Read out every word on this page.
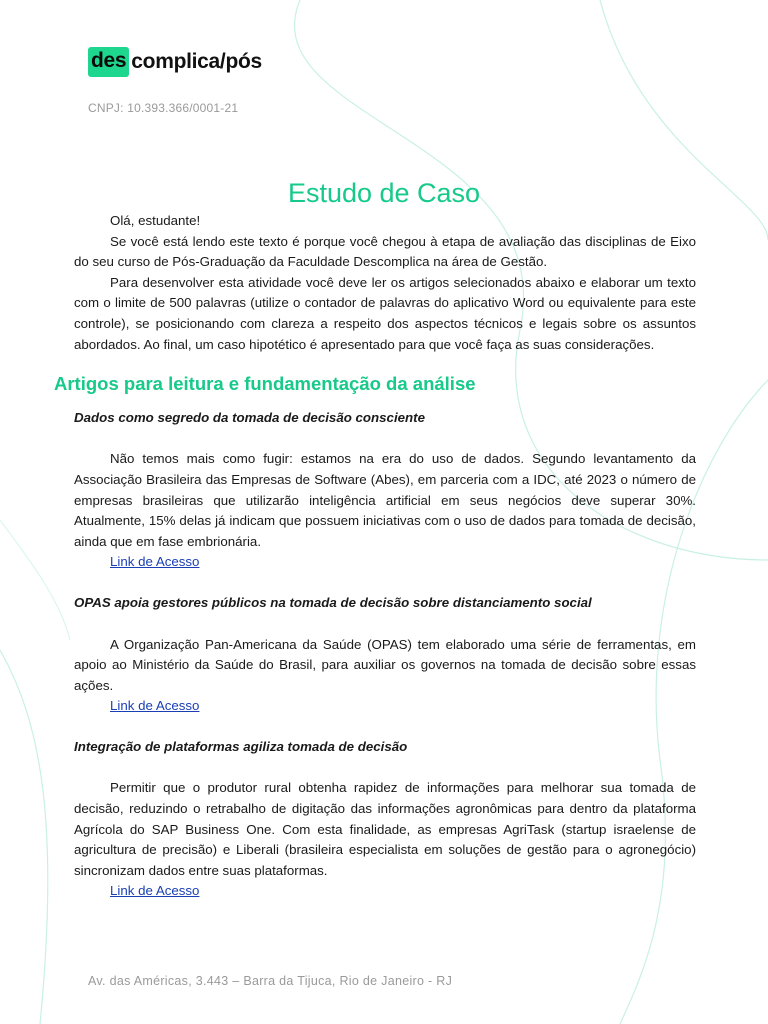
des complica/pós
CNPJ: 10.393.366/0001-21
Estudo de Caso

Olá, estudante!

Se você está lendo este texto é porque você chegou à etapa de avaliação das disciplinas de Eixo do seu curso de Pós-Graduação da Faculdade Descomplica na área de Gestão.

Para desenvolver esta atividade você deve ler os artigos selecionados abaixo e elaborar um texto com o limite de 500 palavras (utilize o contador de palavras do aplicativo Word ou equivalente para este controle), se posicionando com clareza a respeito dos aspectos técnicos e legais sobre os assuntos abordados. Ao final, um caso hipotético é apresentado para que você faça as suas considerações.

Artigos para leitura e fundamentação da análise

Dados como segredo da tomada de decisão consciente

Não temos mais como fugir: estamos na era do uso de dados. Segundo levantamento da Associação Brasileira das Empresas de Software (Abes), em parceria com a IDC, até 2023 o número de empresas brasileiras que utilizarão inteligência artificial em seus negócios deve superar 30%. Atualmente, 15% delas já indicam que possuem iniciativas com o uso de dados para tomada de decisão, ainda que em fase embrionária.

Link de Acesso

OPAS apoia gestores públicos na tomada de decisão sobre distanciamento social

A Organização Pan-Americana da Saúde (OPAS) tem elaborado uma série de ferramentas, em apoio ao Ministério da Saúde do Brasil, para auxiliar os governos na tomada de decisão sobre essas ações.

Link de Acesso

Integração de plataformas agiliza tomada de decisão

Permitir que o produtor rural obtenha rapidez de informações para melhorar sua tomada de decisão, reduzindo o retrabalho de digitação das informações agronômicas para dentro da plataforma Agrícola do SAP Business One. Com esta finalidade, as empresas AgriTask (startup israelense de agricultura de precisão) e Liberali (brasileira especialista em soluções de gestão para o agronegócio) sincronizam dados entre suas plataformas.

Link de Acesso
Av. das Américas, 3.443 – Barra da Tijuca, Rio de Janeiro - RJ
